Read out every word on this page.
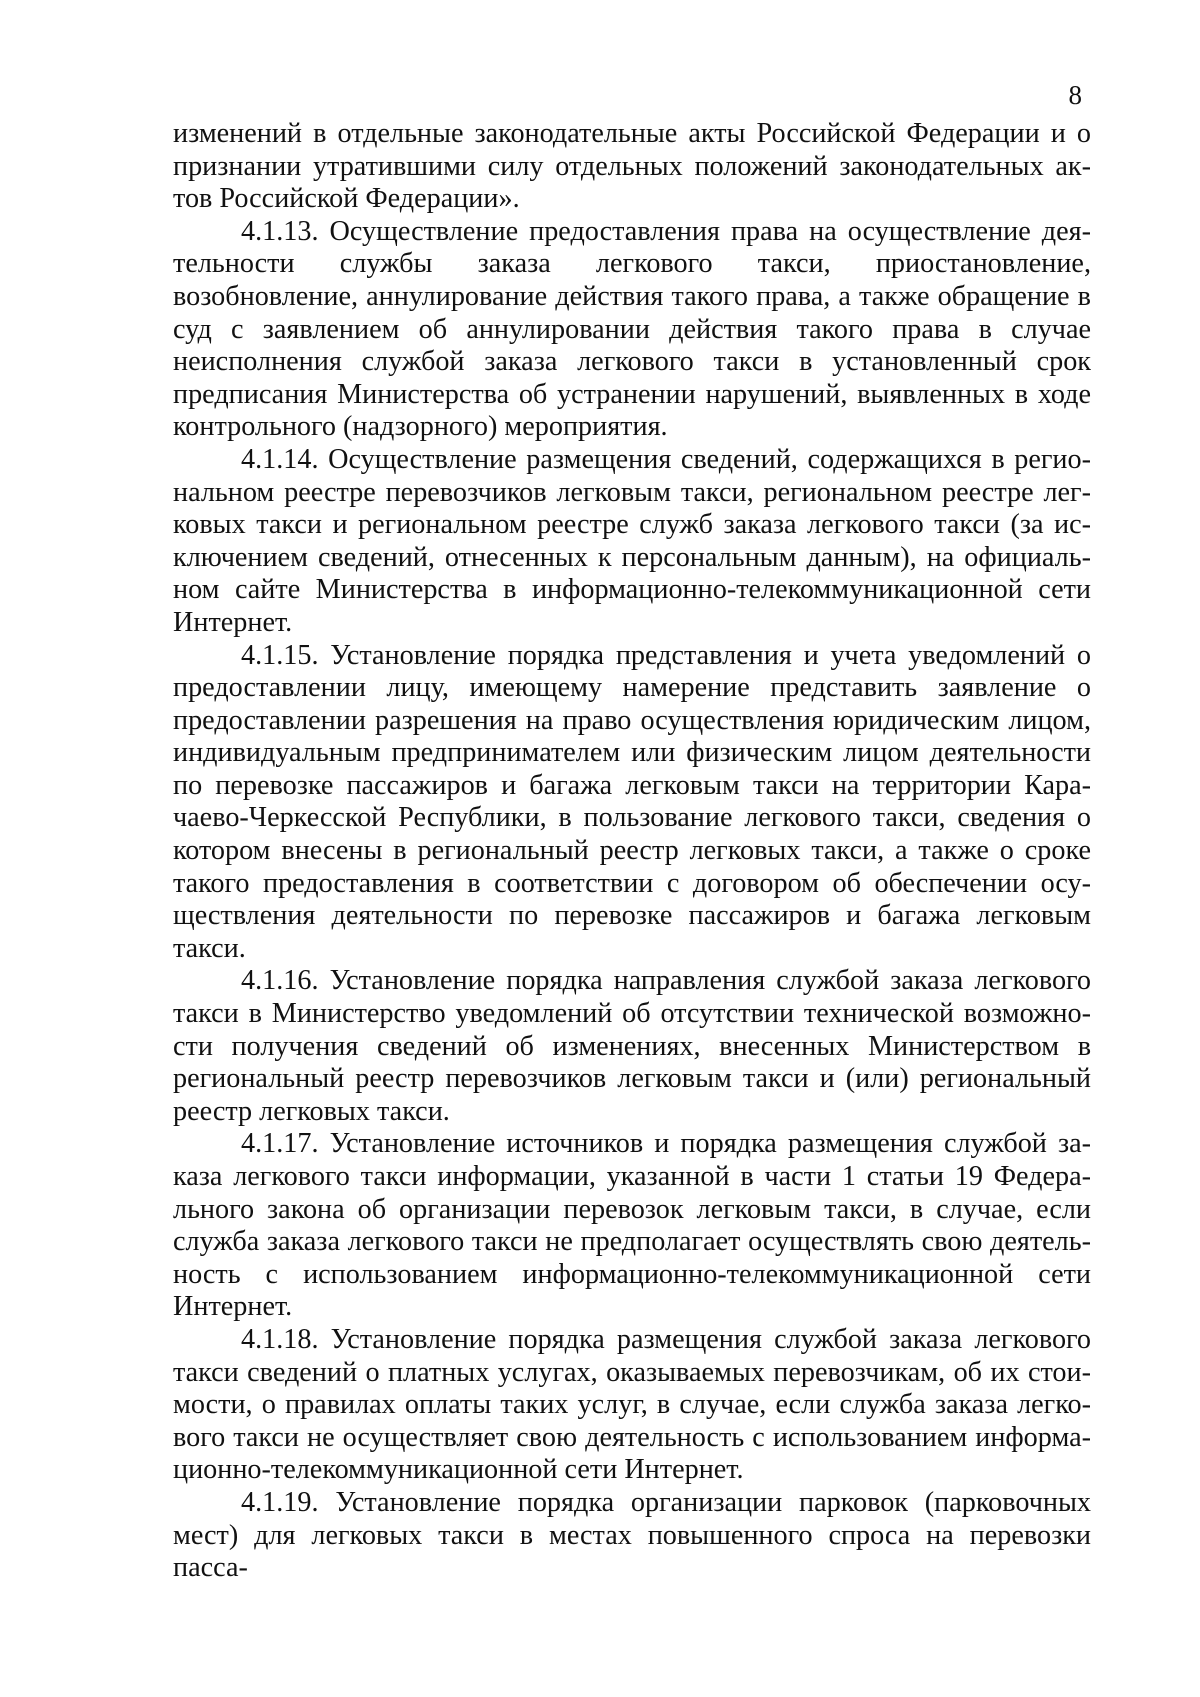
8

изменений в отдельные законодательные акты Российской Федерации и о признании утратившими силу отдельных положений законодательных актов Российской Федерации».

4.1.13. Осуществление предоставления права на осуществление деятельности службы заказа легкового такси, приостановление, возобновление, аннулирование действия такого права, а также обращение в суд с заявлением об аннулировании действия такого права в случае неисполнения службой заказа легкового такси в установленный срок предписания Министерства об устранении нарушений, выявленных в ходе контрольного (надзорного) мероприятия.

4.1.14. Осуществление размещения сведений, содержащихся в региональном реестре перевозчиков легковым такси, региональном реестре легковых такси и региональном реестре служб заказа легкового такси (за исключением сведений, отнесенных к персональным данным), на официальном сайте Министерства в информационно-телекоммуникационной сети Интернет.

4.1.15. Установление порядка представления и учета уведомлений о предоставлении лицу, имеющему намерение представить заявление о предоставлении разрешения на право осуществления юридическим лицом, индивидуальным предпринимателем или физическим лицом деятельности по перевозке пассажиров и багажа легковым такси на территории Карачаево-Черкесской Республики, в пользование легкового такси, сведения о котором внесены в региональный реестр легковых такси, а также о сроке такого предоставления в соответствии с договором об обеспечении осуществления деятельности по перевозке пассажиров и багажа легковым такси.

4.1.16. Установление порядка направления службой заказа легкового такси в Министерство уведомлений об отсутствии технической возможности получения сведений об изменениях, внесенных Министерством в региональный реестр перевозчиков легковым такси и (или) региональный реестр легковых такси.

4.1.17. Установление источников и порядка размещения службой заказа легкового такси информации, указанной в части 1 статьи 19 Федерального закона об организации перевозок легковым такси, в случае, если служба заказа легкового такси не предполагает осуществлять свою деятельность с использованием информационно-телекоммуникационной сети Интернет.

4.1.18. Установление порядка размещения службой заказа легкового такси сведений о платных услугах, оказываемых перевозчикам, об их стоимости, о правилах оплаты таких услуг, в случае, если служба заказа легкового такси не осуществляет свою деятельность с использованием информационно-телекоммуникационной сети Интернет.

4.1.19. Установление порядка организации парковок (парковочных мест) для легковых такси в местах повышенного спроса на перевозки пасса-
